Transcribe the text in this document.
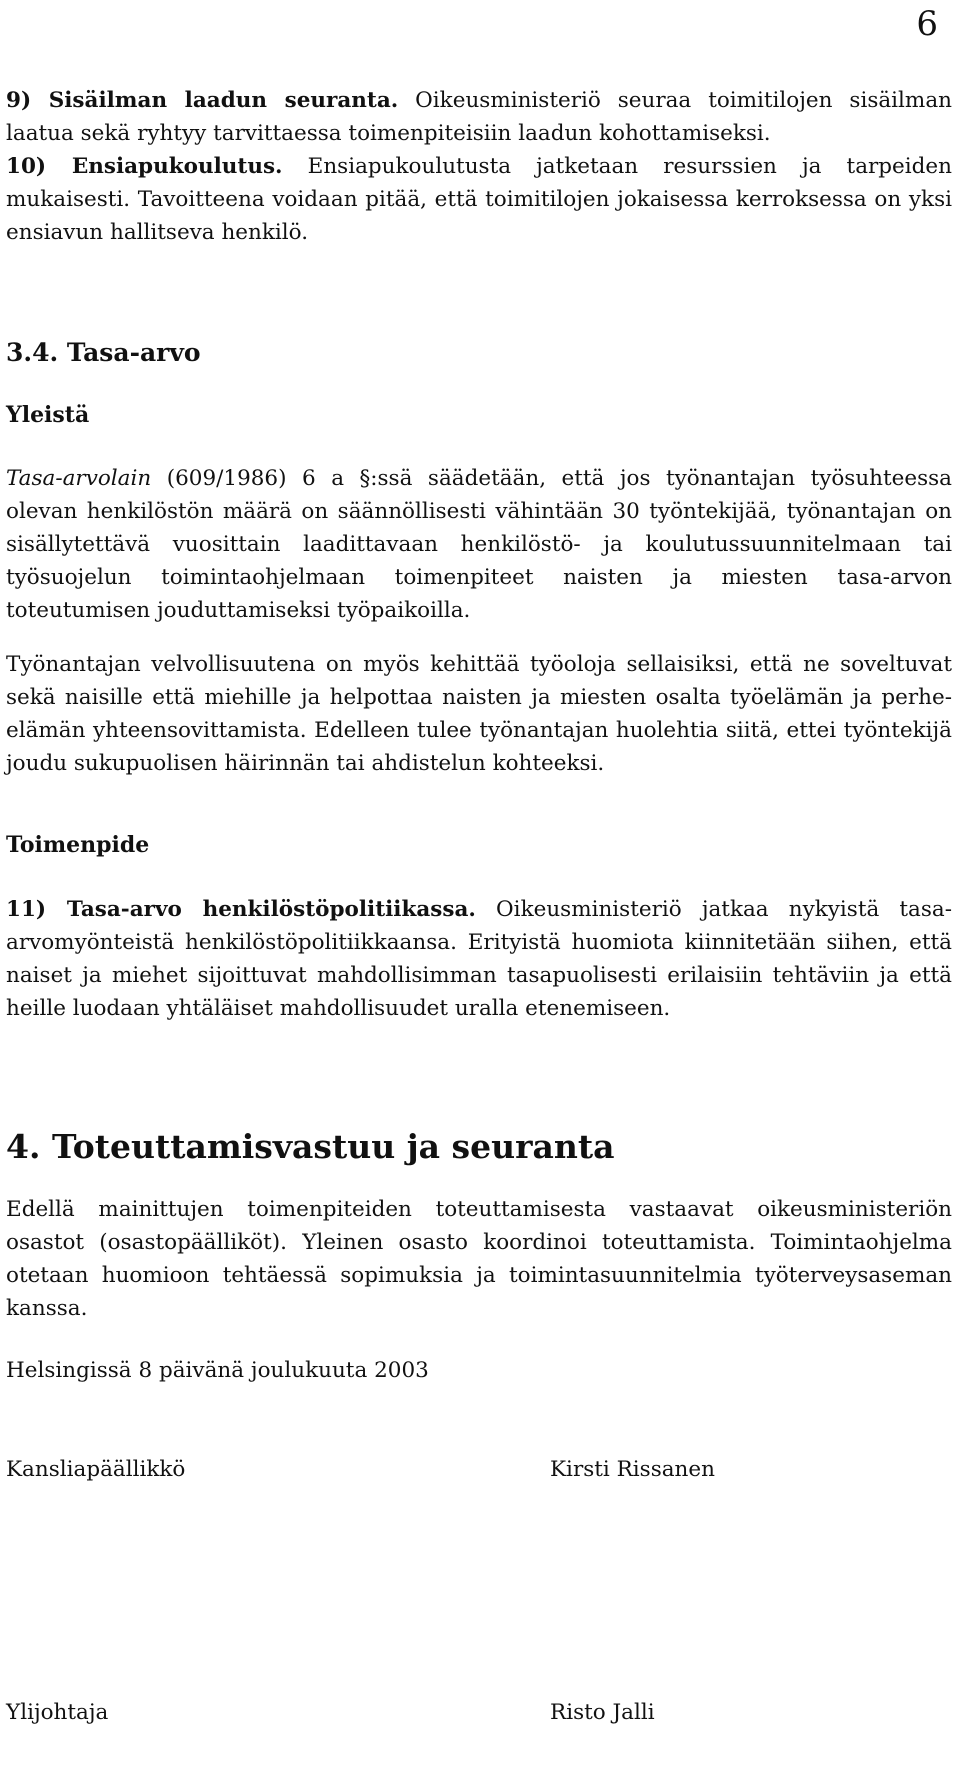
6
9) Sisäilman laadun seuranta. Oikeusministeriö seuraa toimitilojen sisäilman laatua sekä ryhtyy tarvittaessa toimenpiteisiin laadun kohottamiseksi.
10) Ensiapukoulutus. Ensiapukoulutusta jatketaan resurssien ja tarpeiden mukaisesti. Tavoitteena voidaan pitää, että toimitilojen jokaisessa kerroksessa on yksi ensiavun hallitseva henkilö.
3.4. Tasa-arvo
Yleistä
Tasa-arvolain (609/1986) 6 a §:ssä säädetään, että jos työnantajan työsuhteessa olevan henkilöstön määrä on säännöllisesti vähintään 30 työntekijää, työnantajan on sisällytettävä vuosittain laadittavaan henkilöstö- ja koulutussuunnitelmaan tai työsuojelun toimintaohjelmaan toimenpiteet naisten ja miesten tasa-arvon toteutumisen jouduttamiseksi työpaikoilla.
Työnantajan velvollisuutena on myös kehittää työoloja sellaisiksi, että ne soveltuvat sekä naisille että miehille ja helpottaa naisten ja miesten osalta työelämän ja perhe-elämän yhteensovittamista. Edelleen tulee työnantajan huolehtia siitä, ettei työntekijä joudu sukupuolisen häirinnän tai ahdistelun kohteeksi.
Toimenpide
11) Tasa-arvo henkilöstöpolitiikassa. Oikeusministeriö jatkaa nykyistä tasa-arvomyönteistä henkilöstöpolitiikkaansa. Erityistä huomiota kiinnitetään siihen, että naiset ja miehet sijoittuvat mahdollisimman tasapuolisesti erilaisiin tehtäviin ja että heille luodaan yhtäläiset mahdollisuudet uralla etenemiseen.
4. Toteuttamisvastuu ja seuranta
Edellä mainittujen toimenpiteiden toteuttamisesta vastaavat oikeusministeriön osastot (osastopäälliköt). Yleinen osasto koordinoi toteuttamista. Toimintaohjelma otetaan huomioon tehtäessä sopimuksia ja toimintasuunnitelmia työterveysaseman kanssa.
Helsingissä 8 päivänä joulukuuta 2003
Kansliapäällikkö	Kirsti Rissanen
Ylijohtaja	Risto Jalli
